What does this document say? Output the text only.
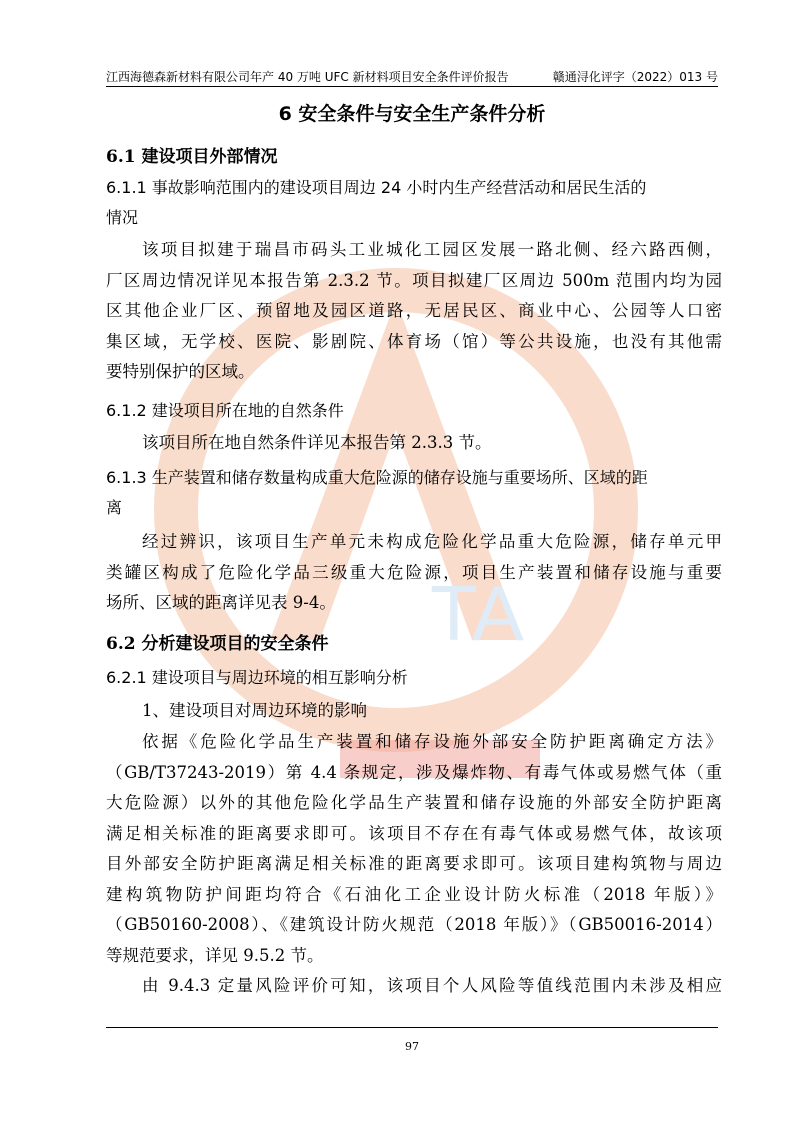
TA
江西海德森新材料有限公司年产 40 万吨 UFC 新材料项目安全条件评价报告	赣通浔化评字（2022）013 号
6 安全条件与安全生产条件分析
6.1 建设项目外部情况
6.1.1 事故影响范围内的建设项目周边 24 小时内生产经营活动和居民生活的
情况
该项目拟建于瑞昌市码头工业城化工园区发展一路北侧、经六路西侧，
厂区周边情况详见本报告第 2.3.2 节。项目拟建厂区周边 500m 范围内均为园
区其他企业厂区、预留地及园区道路，无居民区、商业中心、公园等人口密
集区域，无学校、医院、影剧院、体育场（馆）等公共设施，也没有其他需
要特别保护的区域。
6.1.2 建设项目所在地的自然条件
该项目所在地自然条件详见本报告第 2.3.3 节。
6.1.3 生产装置和储存数量构成重大危险源的储存设施与重要场所、区域的距
离
经过辨识，该项目生产单元未构成危险化学品重大危险源，储存单元甲
类罐区构成了危险化学品三级重大危险源，项目生产装置和储存设施与重要
场所、区域的距离详见表 9-4。
6.2 分析建设项目的安全条件
6.2.1 建设项目与周边环境的相互影响分析
1、建设项目对周边环境的影响
依据《危险化学品生产装置和储存设施外部安全防护距离确定方法》
（GB/T37243-2019）第 4.4 条规定，涉及爆炸物、有毒气体或易燃气体（重
大危险源）以外的其他危险化学品生产装置和储存设施的外部安全防护距离
满足相关标准的距离要求即可。该项目不存在有毒气体或易燃气体，故该项
目外部安全防护距离满足相关标准的距离要求即可。该项目建构筑物与周边
建构筑物防护间距均符合《石油化工企业设计防火标准（2018 年版）》
（GB50160-2008）、《建筑设计防火规范（2018 年版）》（GB50016-2014）
等规范要求，详见 9.5.2 节。
由 9.4.3 定量风险评价可知，该项目个人风险等值线范围内未涉及相应
97
